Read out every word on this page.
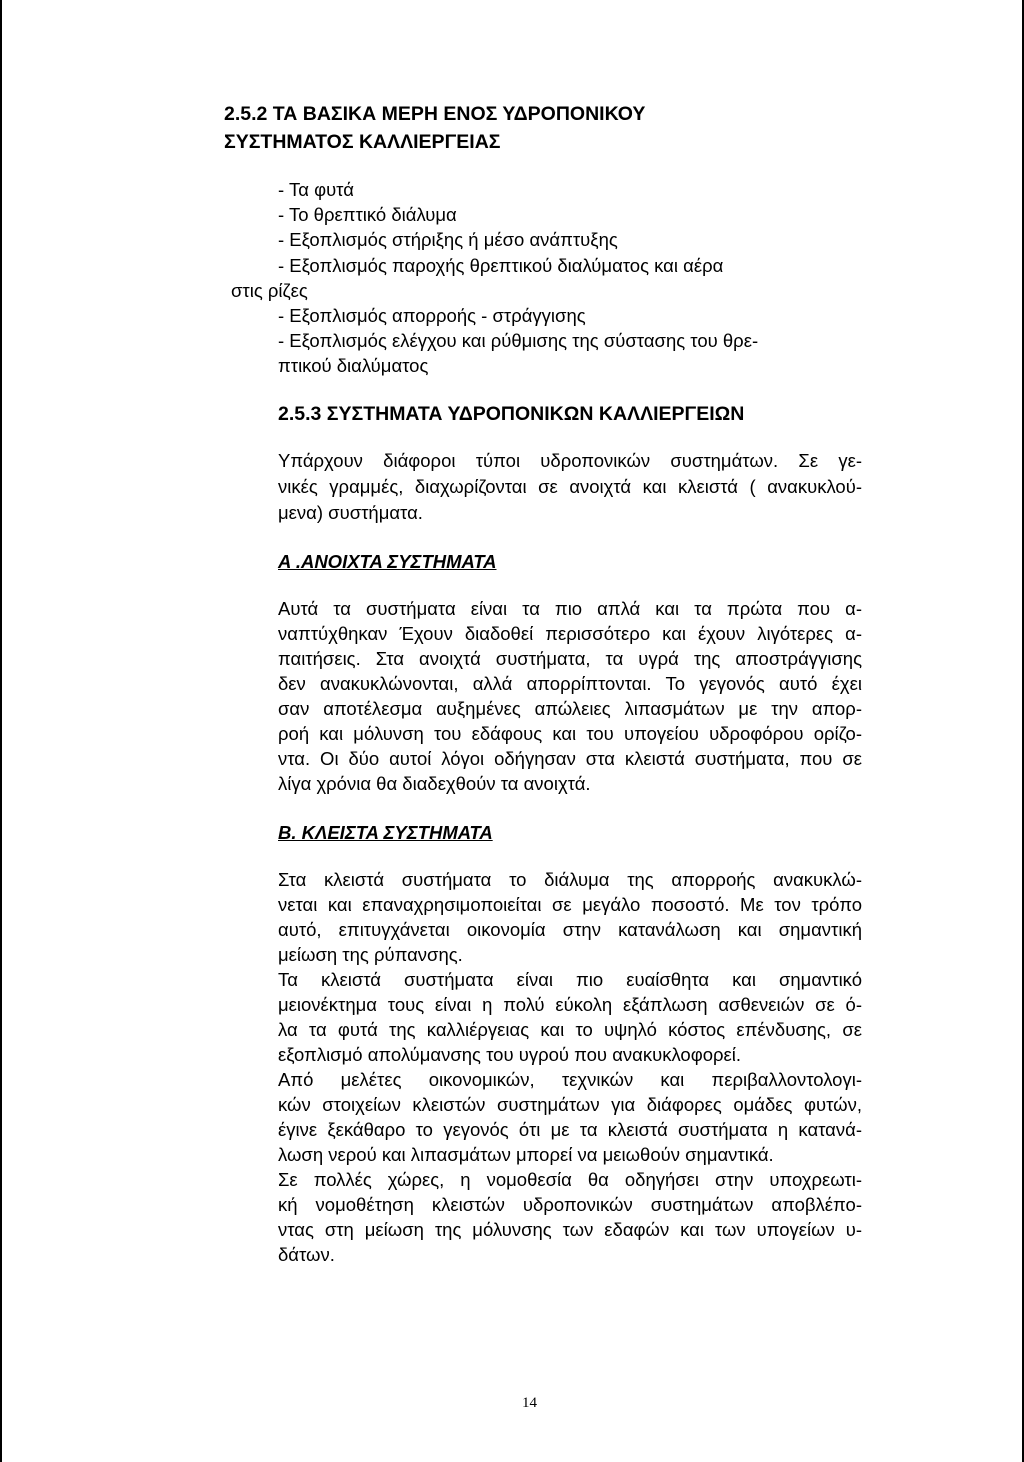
2.5.2 ΤΑ ΒΑΣΙΚΑ ΜΕΡΗ ΕΝΟΣ ΥΔΡΟΠΟΝΙΚΟΥ
ΣΥΣΤΗΜΑΤΟΣ ΚΑΛΛΙΕΡΓΕΙΑΣ
- Τα φυτά
- Το θρεπτικό διάλυμα
- Εξοπλισμός στήριξης ή μέσο ανάπτυξης
- Εξοπλισμός παροχής θρεπτικού διαλύματος και αέρα
στις ρίζες
- Εξοπλισμός απορροής - στράγγισης
- Εξοπλισμός ελέγχου και ρύθμισης της σύστασης του θρε-
πτικού διαλύματος
2.5.3 ΣΥΣΤΗΜΑΤΑ ΥΔΡΟΠΟΝΙΚΩΝ ΚΑΛΛΙΕΡΓΕΙΩΝ
Υπάρχουν διάφοροι τύποι υδροπονικών συστημάτων. Σε γε-
νικές γραμμές, διαχωρίζονται σε ανοιχτά και κλειστά ( ανακυκλού-
μενα) συστήματα.
Α .ΑΝΟΙΧΤΑ ΣΥΣΤΗΜΑΤΑ
Αυτά τα συστήματα είναι τα πιο απλά και τα πρώτα που α-
ναπτύχθηκαν Έχουν διαδοθεί περισσότερο και έχουν λιγότερες α-
παιτήσεις. Στα ανοιχτά συστήματα, τα υγρά της αποστράγγισης
δεν ανακυκλώνονται, αλλά απορρίπτονται. Το γεγονός αυτό έχει
σαν αποτέλεσμα αυξημένες απώλειες λιπασμάτων με την απορ-
ροή και μόλυνση του εδάφους και του υπογείου υδροφόρου ορίζο-
ντα. Οι δύο αυτοί λόγοι οδήγησαν στα κλειστά συστήματα, που σε
λίγα χρόνια θα διαδεχθούν τα ανοιχτά.
Β. ΚΛΕΙΣΤΑ ΣΥΣΤΗΜΑΤΑ
Στα κλειστά συστήματα το διάλυμα της απορροής ανακυκλώ-
νεται και επαναχρησιμοποιείται σε μεγάλο ποσοστό. Με τον τρόπο
αυτό, επιτυγχάνεται οικονομία στην κατανάλωση και σημαντική
μείωση της ρύπανσης.
Τα κλειστά συστήματα είναι πιο ευαίσθητα και σημαντικό
μειονέκτημα τους είναι η πολύ εύκολη εξάπλωση ασθενειών σε ό-
λα τα φυτά της καλλιέργειας και το υψηλό κόστος επένδυσης, σε
εξοπλισμό απολύμανσης του υγρού που ανακυκλοφορεί.
Από μελέτες οικονομικών, τεχνικών και περιβαλλοντολογι-
κών στοιχείων κλειστών συστημάτων για διάφορες ομάδες φυτών,
έγινε ξεκάθαρο το γεγονός ότι με τα κλειστά συστήματα η κατανά-
λωση νερού και λιπασμάτων μπορεί να μειωθούν σημαντικά.
Σε πολλές χώρες, η νομοθεσία θα οδηγήσει στην υποχρεωτι-
κή νομοθέτηση κλειστών υδροπονικών συστημάτων αποβλέπο-
ντας στη μείωση της μόλυνσης των εδαφών και των υπογείων υ-
δάτων.
14
